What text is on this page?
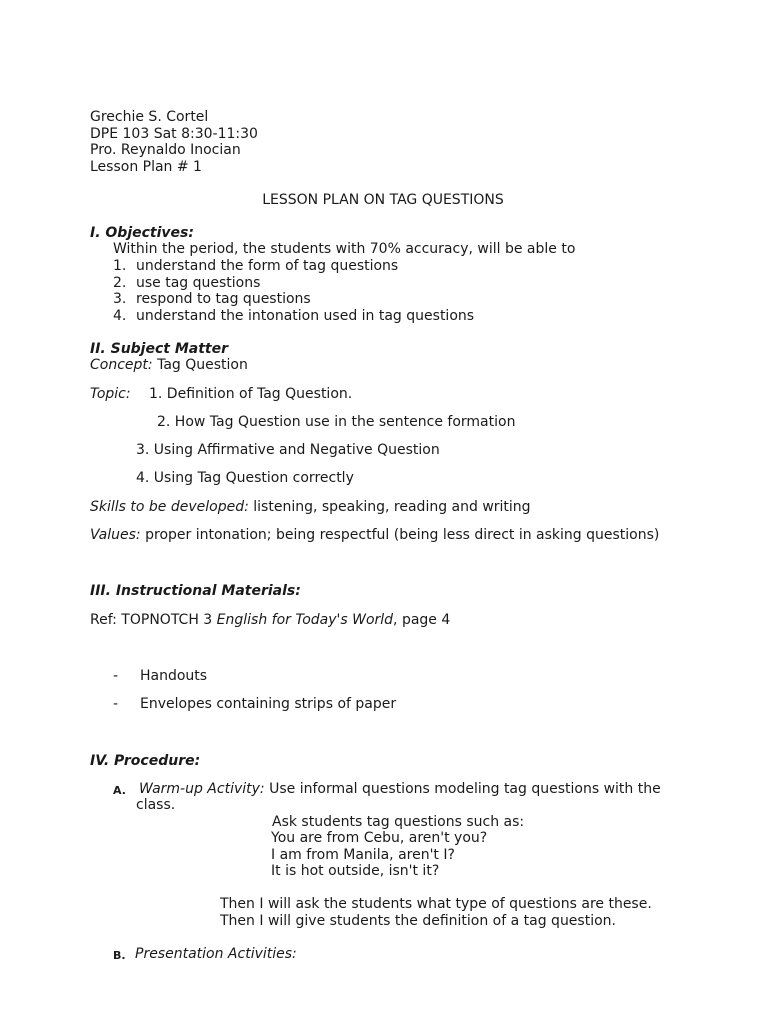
Grechie S. Cortel
DPE 103 Sat 8:30-11:30
Pro. Reynaldo Inocian
Lesson Plan # 1
LESSON PLAN ON TAG QUESTIONS
I. Objectives:
Within the period, the students with 70% accuracy, will be able to
1. understand the form of tag questions
2. use tag questions
3. respond to tag questions
4. understand the intonation used in tag questions
II. Subject Matter
Concept: Tag Question
Topic: 1. Definition of Tag Question.
2. How Tag Question use in the sentence formation
3. Using Affirmative and Negative Question
4. Using Tag Question correctly
Skills to be developed: listening, speaking, reading and writing
Values: proper intonation; being respectful (being less direct in asking questions)
III. Instructional Materials:
Ref: TOPNOTCH 3 English for Today's World, page 4
- Handouts
- Envelopes containing strips of paper
IV. Procedure:
A. Warm-up Activity: Use informal questions modeling tag questions with the
class.
Ask students tag questions such as:
You are from Cebu, aren't you?
I am from Manila, aren't I?
It is hot outside, isn't it?
Then I will ask the students what type of questions are these.
Then I will give students the definition of a tag question.
B. Presentation Activities:
